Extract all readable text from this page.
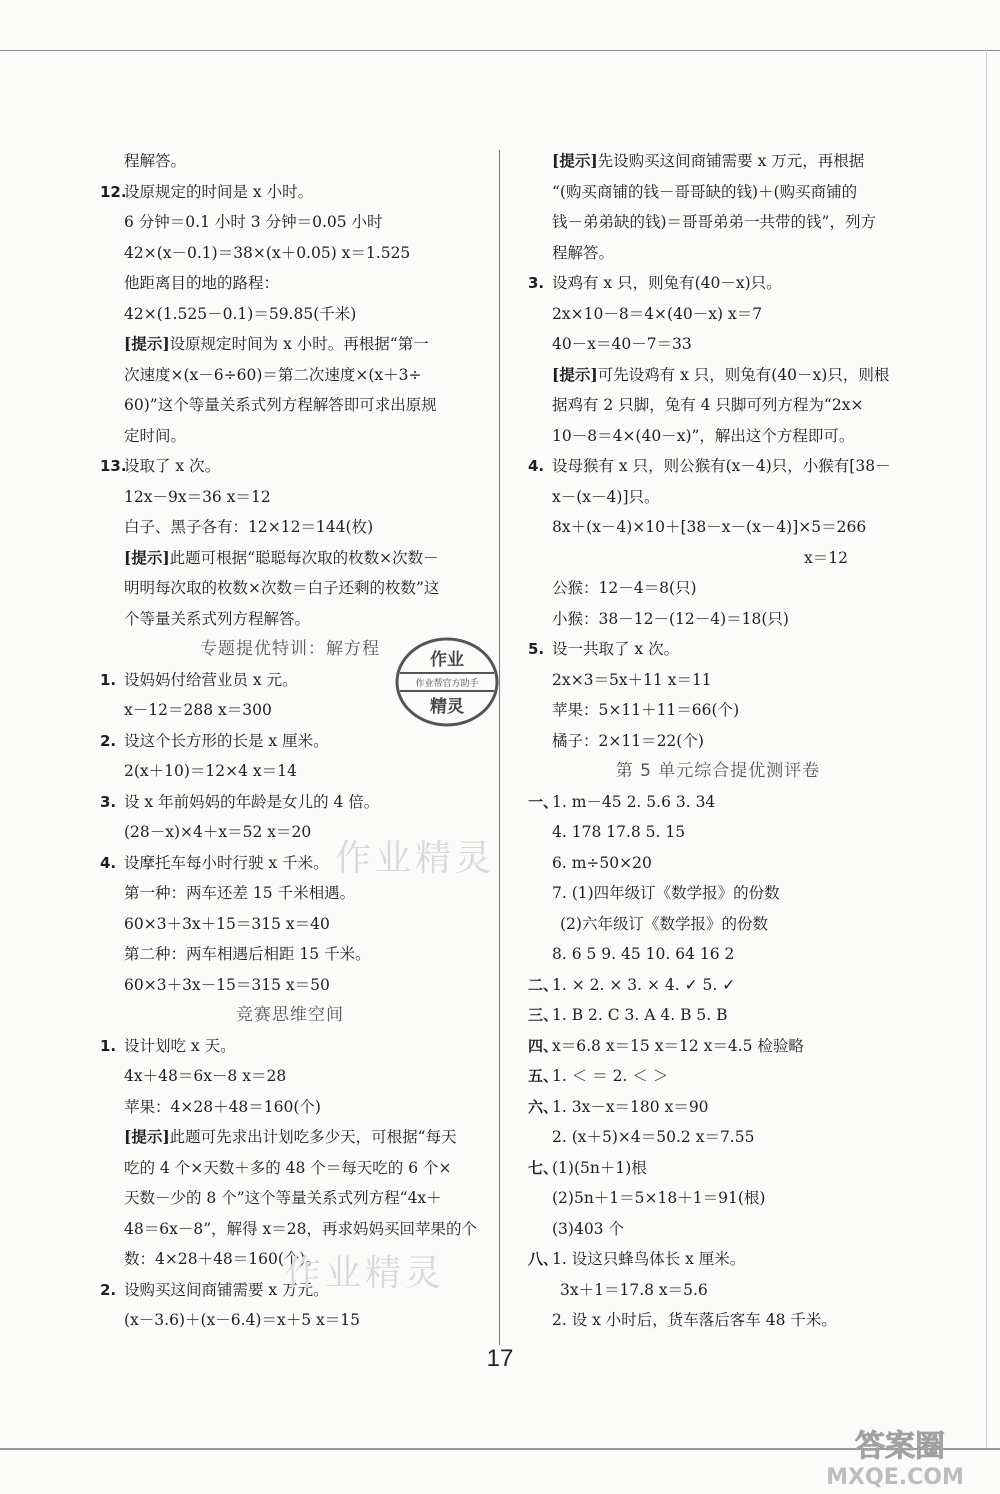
程解答。
12.
设原规定的时间是 x 小时。
6 分钟＝0.1 小时 3 分钟＝0.05 小时
42×(x－0.1)＝38×(x＋0.05) x＝1.525
他距离目的地的路程：
42×(1.525－0.1)＝59.85(千米)
[提示]设原规定时间为 x 小时。再根据“第一
次速度×(x－6÷60)＝第二次速度×(x＋3÷
60)”这个等量关系式列方程解答即可求出原规
定时间。
13.
设取了 x 次。
12x－9x＝36 x＝12
白子、黑子各有：12×12＝144(枚)
[提示]此题可根据“聪聪每次取的枚数×次数－
明明每次取的枚数×次数＝白子还剩的枚数”这
个等量关系式列方程解答。
专题提优特训：解方程
1. 设妈妈付给营业员 x 元。
x－12＝288 x＝300
2. 设这个长方形的长是 x 厘米。
2(x＋10)＝12×4 x＝14
3. 设 x 年前妈妈的年龄是女儿的 4 倍。
(28－x)×4＋x＝52 x＝20
4. 设摩托车每小时行驶 x 千米。
第一种：两车还差 15 千米相遇。
60×3＋3x＋15＝315 x＝40
第二种：两车相遇后相距 15 千米。
60×3＋3x－15＝315 x＝50
竞赛思维空间
1. 设计划吃 x 天。
4x＋48＝6x－8 x＝28
苹果：4×28＋48＝160(个)
[提示]此题可先求出计划吃多少天，可根据“每天
吃的 4 个×天数＋多的 48 个＝每天吃的 6 个×
天数－少的 8 个”这个等量关系式列方程“4x＋
48＝6x－8”，解得 x＝28，再求妈妈买回苹果的个
数：4×28＋48＝160(个)。
2. 设购买这间商铺需要 x 万元。
(x－3.6)＋(x－6.4)＝x＋5 x＝15
[提示]先设购买这间商铺需要 x 万元，再根据
“(购买商铺的钱－哥哥缺的钱)＋(购买商铺的
钱－弟弟缺的钱)＝哥哥弟弟一共带的钱”，列方
程解答。
3. 设鸡有 x 只，则兔有(40－x)只。
2x×10－8＝4×(40－x) x＝7
40－x＝40－7＝33
[提示]可先设鸡有 x 只，则兔有(40－x)只，则根
据鸡有 2 只脚，兔有 4 只脚可列方程为“2x×
10－8＝4×(40－x)”，解出这个方程即可。
4. 设母猴有 x 只，则公猴有(x－4)只，小猴有[38－
x－(x－4)]只。
8x＋(x－4)×10＋[38－x－(x－4)]×5＝266
x＝12
公猴：12－4＝8(只)
小猴：38－12－(12－4)＝18(只)
5. 设一共取了 x 次。
2x×3＝5x＋11 x＝11
苹果：5×11＋11＝66(个)
橘子：2×11＝22(个)
第 5 单元综合提优测评卷
一、
1. m－45 2. 5.6 3. 34
4. 178 17.8 5. 15
6. m÷50×20
7. (1)四年级订《数学报》的份数
(2)六年级订《数学报》的份数
8. 6 5 9. 45 10. 64 16 2
二、
1. × 2. × 3. × 4. ✓ 5. ✓
三、
1. B 2. C 3. A 4. B 5. B
四、
x＝6.8 x＝15 x＝12 x＝4.5 检验略
五、
1. ＜ ＝ 2. ＜ ＞
六、
1. 3x－x＝180 x＝90
2. (x＋5)×4＝50.2 x＝7.55
七、
(1)(5n＋1)根
(2)5n＋1＝5×18＋1＝91(根)
(3)403 个
八、
1. 设这只蜂鸟体长 x 厘米。
3x＋1＝17.8 x＝5.6
2. 设 x 小时后，货车落后客车 48 千米。
作业精灵
作业精灵
作业
作业帮官方助手
精灵
17
答案圈
MXQE.COM
